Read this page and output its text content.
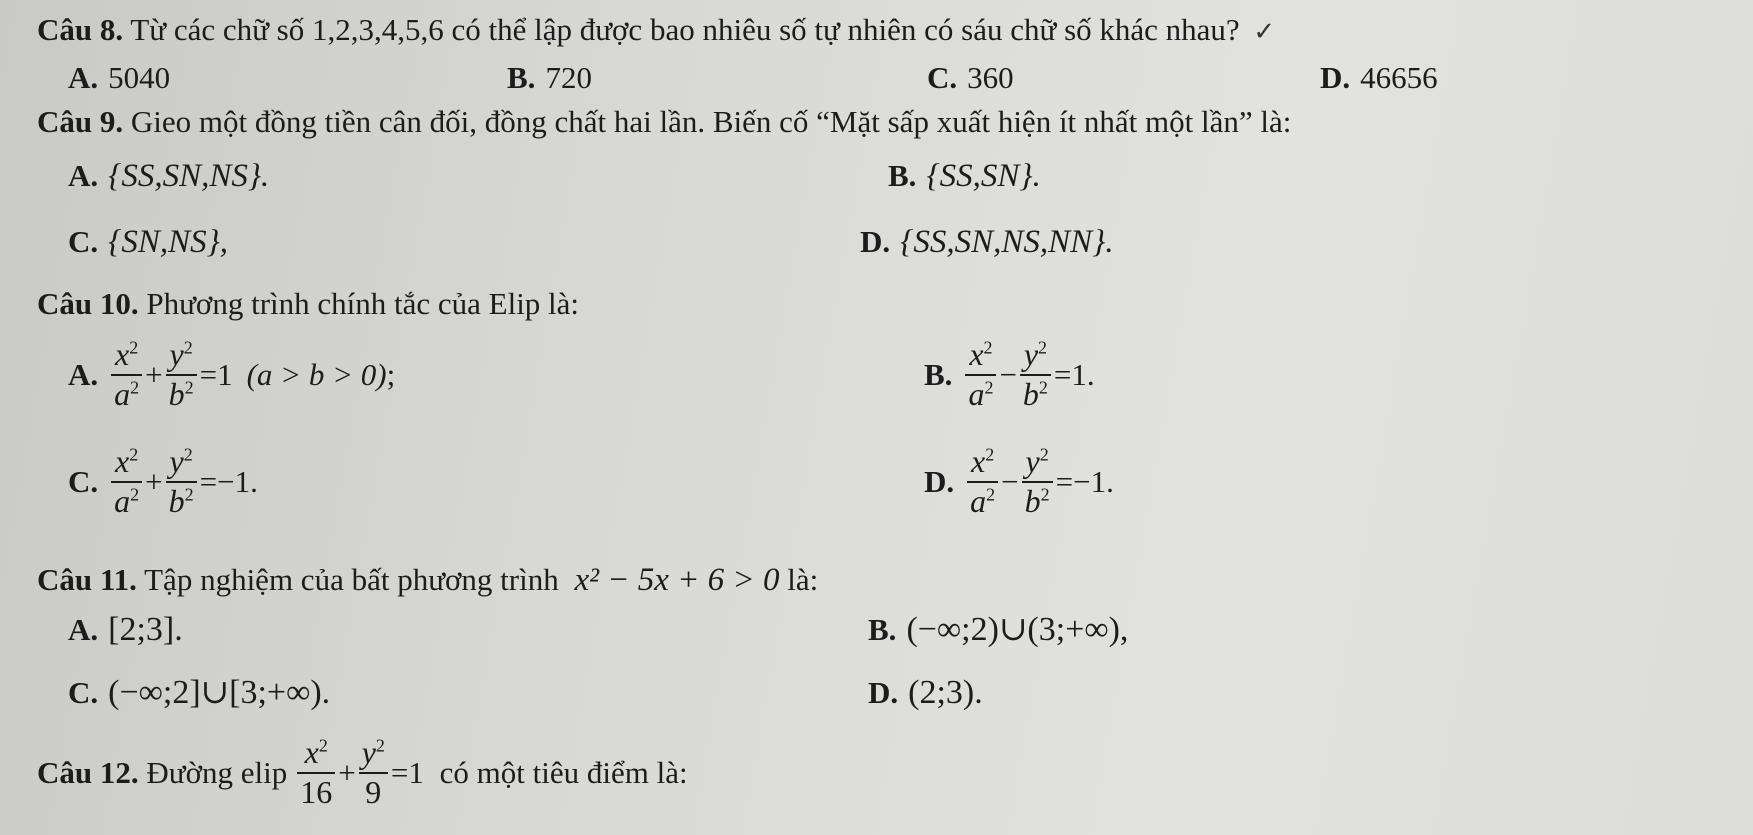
Câu 8. Từ các chữ số 1,2,3,4,5,6 có thể lập được bao nhiêu số tự nhiên có sáu chữ số khác nhau? ✓
A. 5040	B. 720	C. 360	D. 46656
Câu 9. Gieo một đồng tiền cân đối, đồng chất hai lần. Biến cố “Mặt sấp xuất hiện ít nhất một lần” là:
A. {SS,SN,NS}.	B. {SS,SN}.
C. {SN,NS},	D. {SS,SN,NS,NN}.
Câu 10. Phương trình chính tắc của Elip là:
A. $\frac{x^2}{a^2} + \frac{y^2}{b^2} =1$ (a > b > 0);	B. $\frac{x^2}{a^2} - \frac{y^2}{b^2} =1$.
C. $\frac{x^2}{a^2} + \frac{y^2}{b^2} =-1$.	D. $\frac{x^2}{a^2} - \frac{y^2}{b^2} =-1$.
Câu 11. Tập nghiệm của bất phương trình x² − 5x + 6 > 0 là:
A. [2;3].	B. (−∞;2)∪(3;+∞),
C. (−∞;2]∪[3;+∞).	D. (2;3).
Câu 12. Đường elip $\frac{x^2}{16} + \frac{y^2}{9} =1$ có một tiêu điểm là:
